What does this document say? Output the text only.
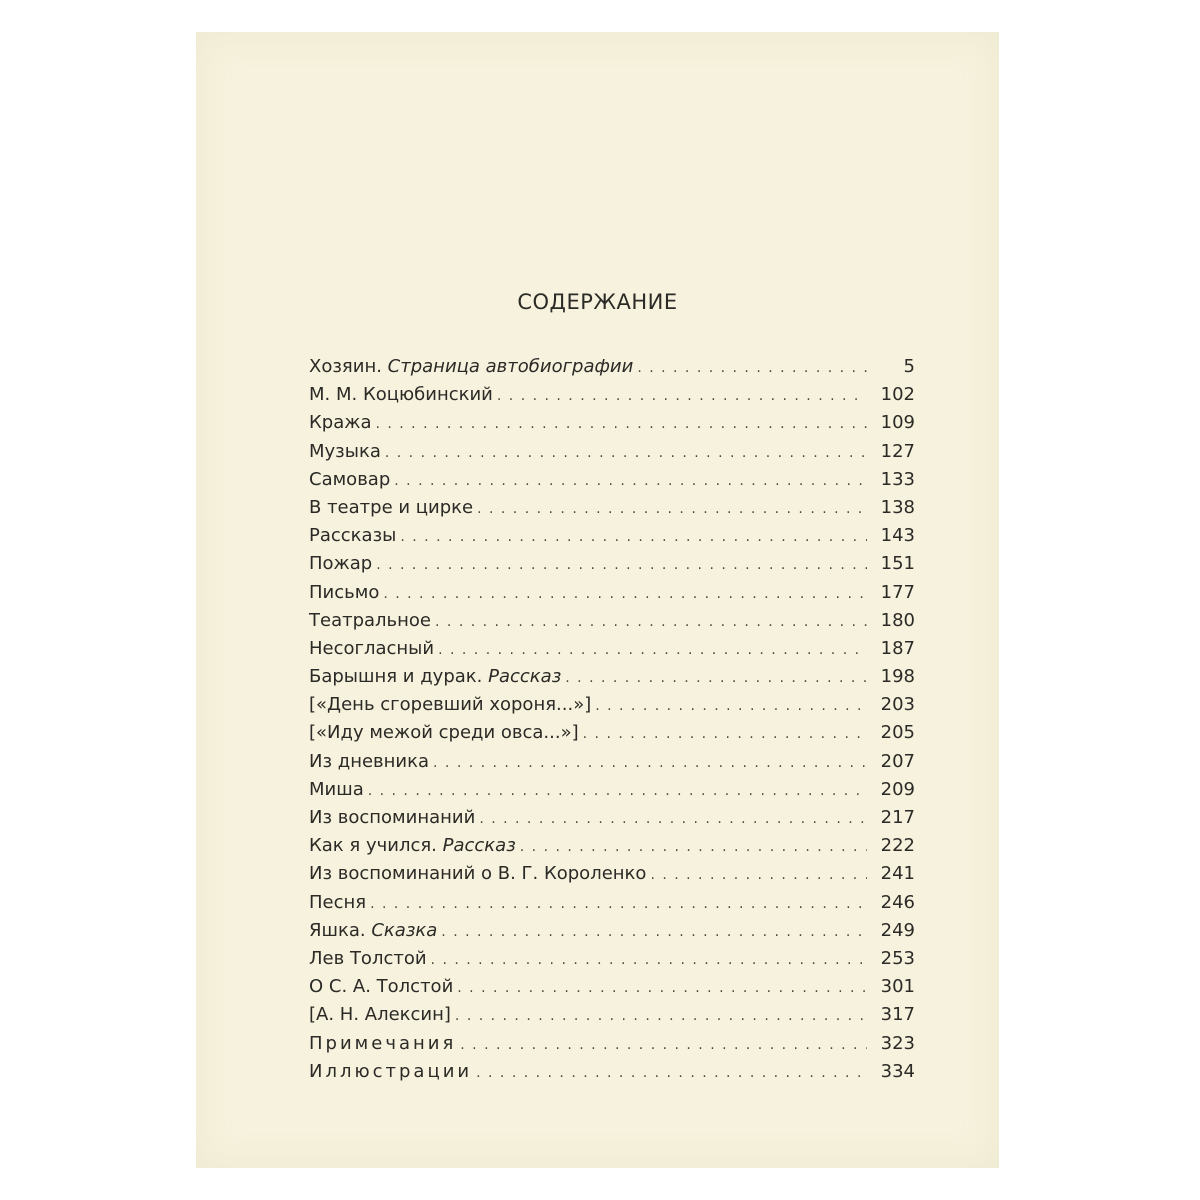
СОДЕРЖАНИЕ
Хозяин. Страница автобиографии . . .	5
М. М. Коцюбинский . . .	102
Кража . . .	109
Музыка . . .	127
Самовар . . .	133
В театре и цирке . . .	138
Рассказы . . .	143
Пожар . . .	151
Письмо . . .	177
Театральное . . .	180
Несогласный . . .	187
Барышня и дурак. Рассказ . . .	198
[«День сгоревший хороня...»] . . .	203
[«Иду межой среди овса...»] . . .	205
Из дневника . . .	207
Миша . . .	209
Из воспоминаний . . .	217
Как я учился. Рассказ . . .	222
Из воспоминаний о В. Г. Короленко . . .	241
Песня . . .	246
Яшка. Сказка . . .	249
Лев Толстой . . .	253
О С. А. Толстой . . .	301
[А. Н. Алексин] . . .	317
Примечания . . .	323
Иллюстрации . . .	334
